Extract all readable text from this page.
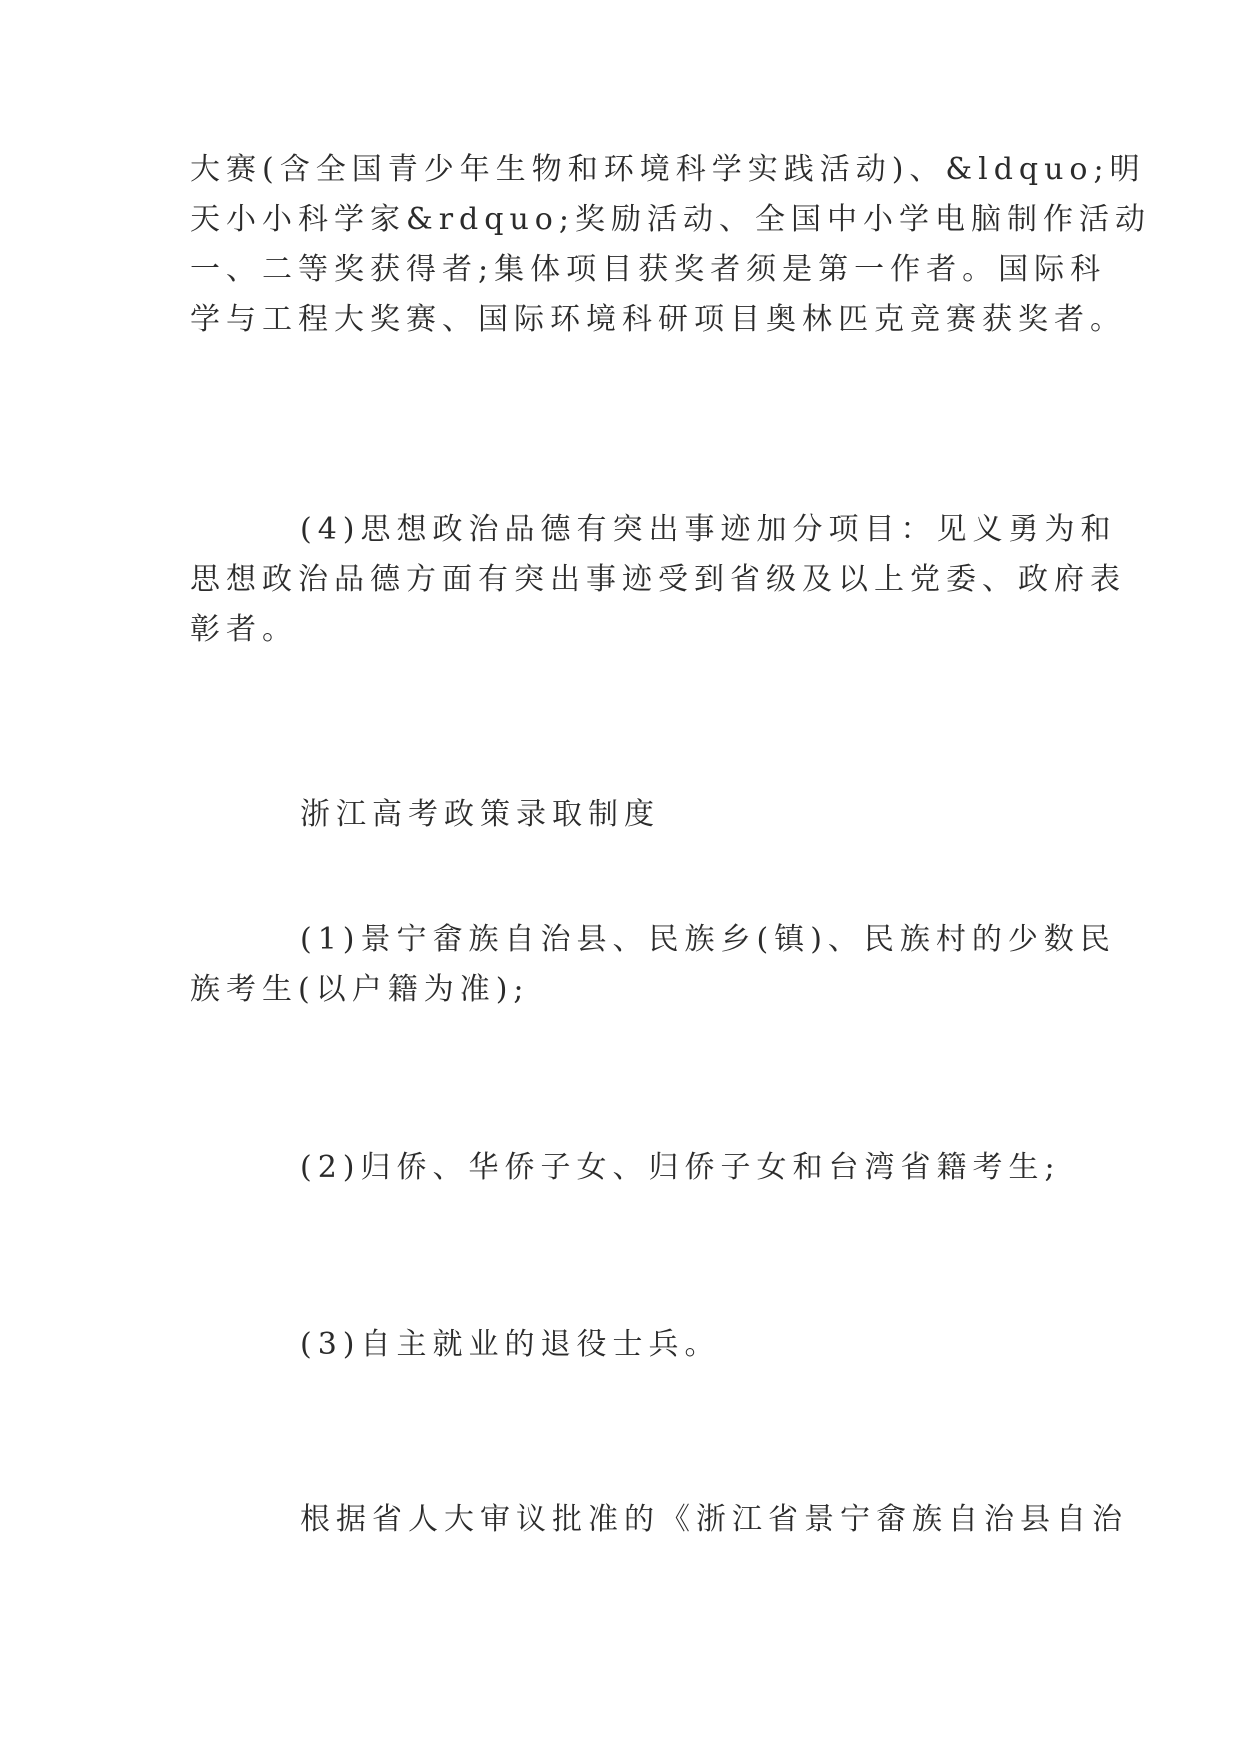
大赛(含全国青少年生物和环境科学实践活动)、&ldquo;明
天小小科学家&rdquo;奖励活动、全国中小学电脑制作活动
一、二等奖获得者;集体项目获奖者须是第一作者。国际科
学与工程大奖赛、国际环境科研项目奥林匹克竞赛获奖者。
(4)思想政治品德有突出事迹加分项目：见义勇为和
思想政治品德方面有突出事迹受到省级及以上党委、政府表
彰者。
浙江高考政策录取制度
(1)景宁畲族自治县、民族乡(镇)、民族村的少数民
族考生(以户籍为准);
(2)归侨、华侨子女、归侨子女和台湾省籍考生;
(3)自主就业的退役士兵。
根据省人大审议批准的《浙江省景宁畲族自治县自治
